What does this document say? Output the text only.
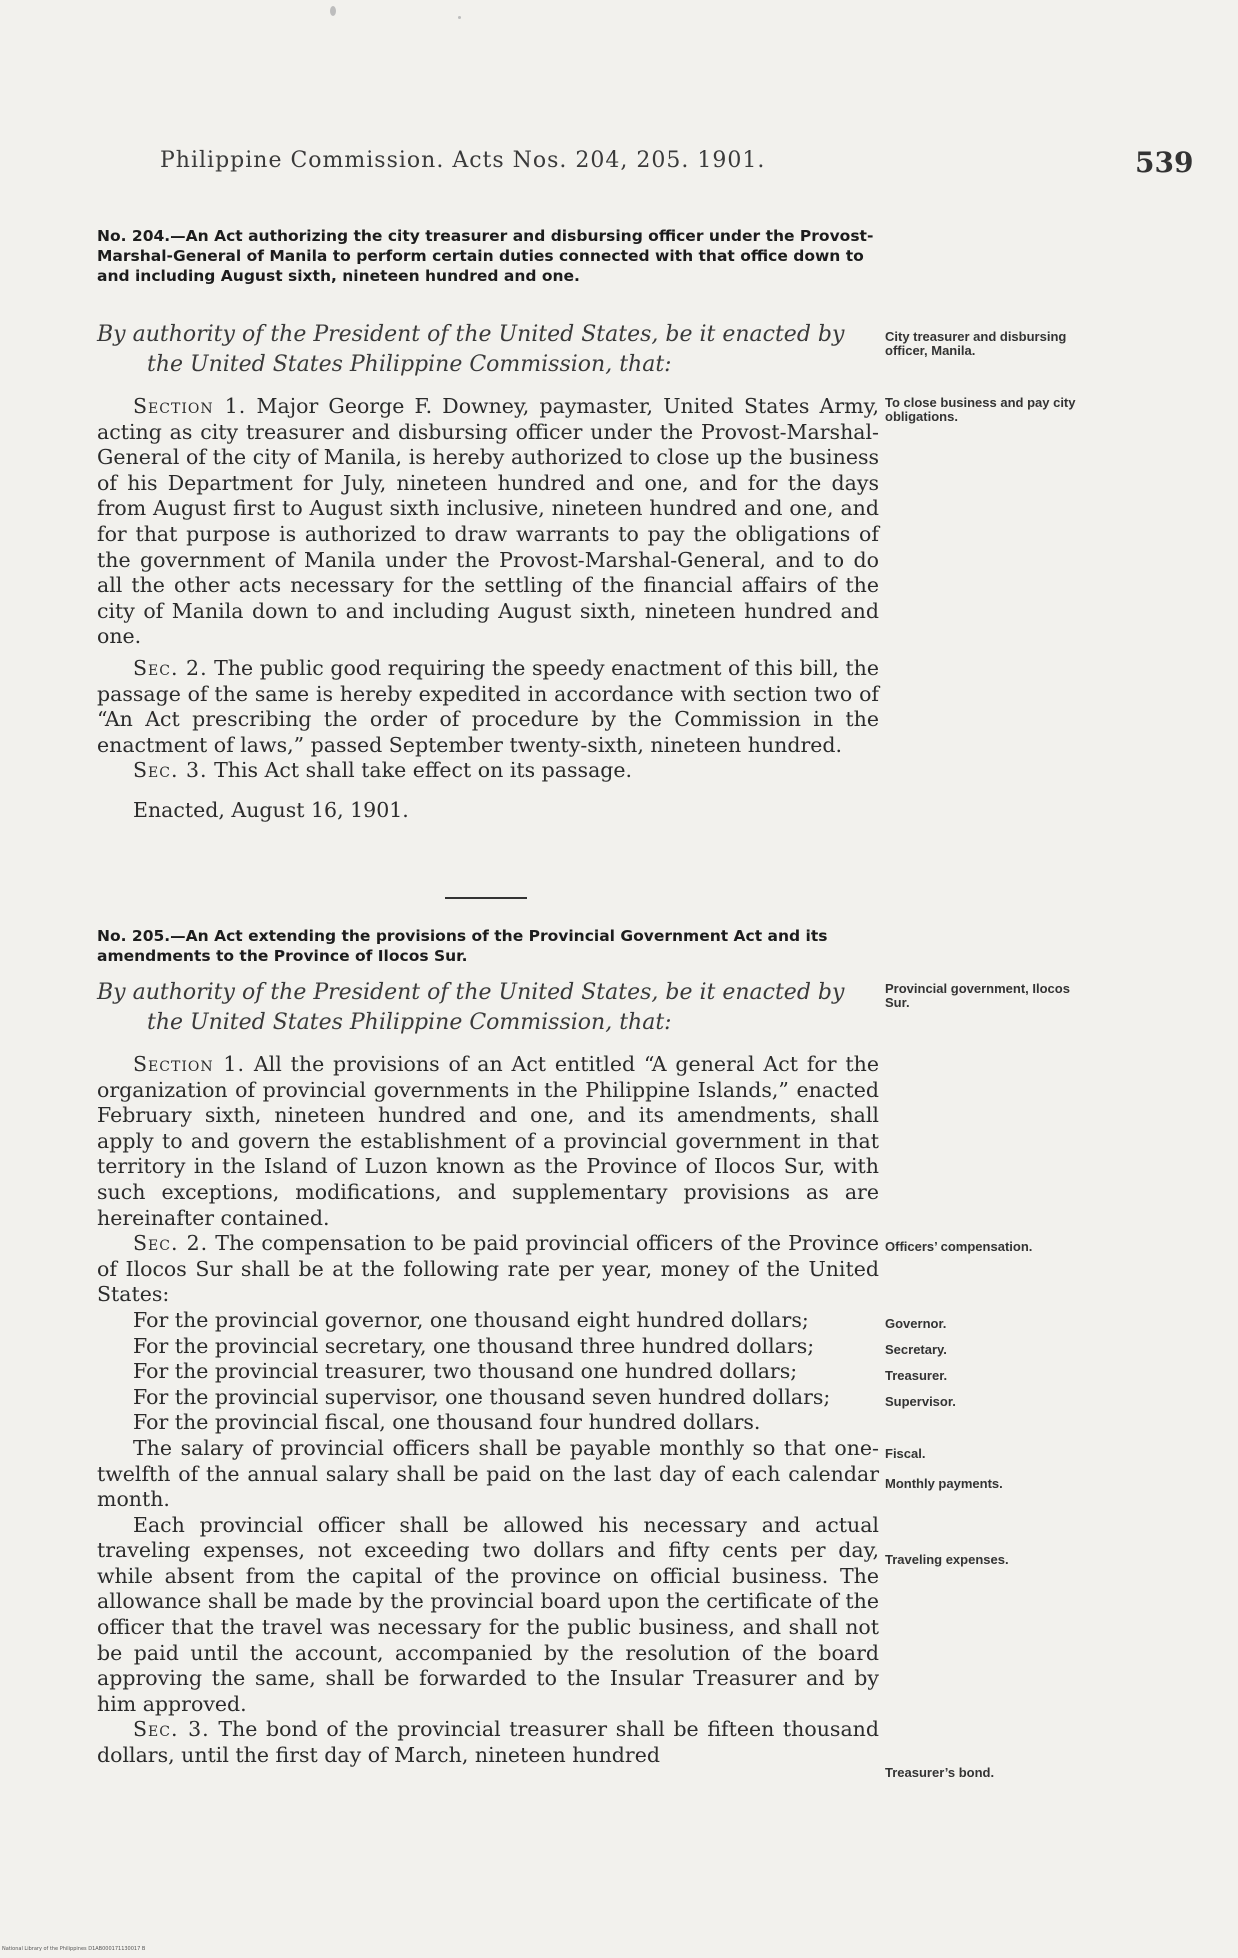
Philippine Commission. Acts Nos. 204, 205. 1901.	539
No. 204.—An Act authorizing the city treasurer and disbursing officer under the Provost-Marshal-General of Manila to perform certain duties connected with that office down to and including August sixth, nineteen hundred and one.
By authority of the President of the United States, be it enacted by
the United States Philippine Commission, that:

Section 1. Major George F. Downey, paymaster, United States Army, acting as city treasurer and disbursing officer under the Provost-Marshal-General of the city of Manila, is hereby authorized to close up the business of his Department for July, nineteen hundred and one, and for the days from August first to August sixth inclusive, nineteen hundred and one, and for that purpose is authorized to draw warrants to pay the obligations of the government of Manila under the Provost-Marshal-General, and to do all the other acts necessary for the settling of the financial affairs of the city of Manila down to and including August sixth, nineteen hundred and one.

Sec. 2. The public good requiring the speedy enactment of this bill, the passage of the same is hereby expedited in accordance with section two of “An Act prescribing the order of procedure by the Commission in the enactment of laws,” passed September twenty-sixth, nineteen hundred.

Sec. 3. This Act shall take effect on its passage.

Enacted, August 16, 1901.

No. 205.—An Act extending the provisions of the Provincial Government Act and its amendments to the Province of Ilocos Sur.
By authority of the President of the United States, be it enacted by
the United States Philippine Commission, that:

Section 1. All the provisions of an Act entitled “A general Act for the organization of provincial governments in the Philippine Islands,” enacted February sixth, nineteen hundred and one, and its amendments, shall apply to and govern the establishment of a provincial government in that territory in the Island of Luzon known as the Province of Ilocos Sur, with such exceptions, modifications, and supplementary provisions as are hereinafter contained.

Sec. 2. The compensation to be paid provincial officers of the Province of Ilocos Sur shall be at the following rate per year, money of the United States:

For the provincial governor, one thousand eight hundred dollars;

For the provincial secretary, one thousand three hundred dollars;

For the provincial treasurer, two thousand one hundred dollars;

For the provincial supervisor, one thousand seven hundred dollars;

For the provincial fiscal, one thousand four hundred dollars.

The salary of provincial officers shall be payable monthly so that one-twelfth of the annual salary shall be paid on the last day of each calendar month.

Each provincial officer shall be allowed his necessary and actual traveling expenses, not exceeding two dollars and fifty cents per day, while absent from the capital of the province on official business. The allowance shall be made by the provincial board upon the certificate of the officer that the travel was necessary for the public business, and shall not be paid until the account, accompanied by the resolution of the board approving the same, shall be forwarded to the Insular Treasurer and by him approved.

Sec. 3. The bond of the provincial treasurer shall be fifteen thousand dollars, until the first day of March, nineteen hundred

City treasurer and disbursing officer, Manila.
To close business and pay city obligations.
Provincial government, Ilocos Sur.
Officers’ compensation.
Governor.
Secretary.
Treasurer.
Supervisor.
Fiscal.
Monthly payments.
Traveling expenses.
Treasurer’s bond.
National Library of the Philippines D1AB000171130017 B
